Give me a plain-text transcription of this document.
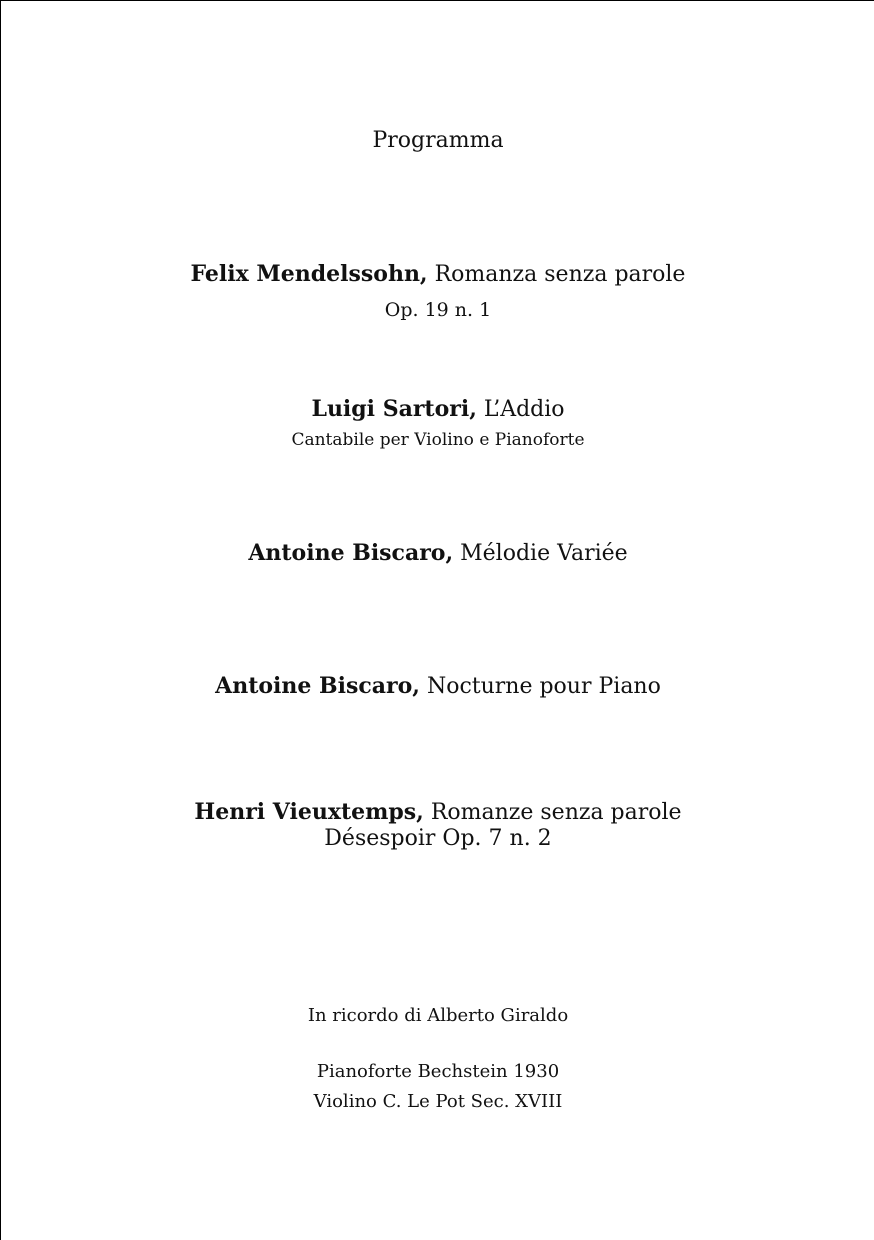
Programma
Felix Mendelssohn, Romanza senza parole
Op. 19 n. 1
Luigi Sartori, L’Addio
Cantabile per Violino e Pianoforte
Antoine Biscaro, Mélodie Variée
Antoine Biscaro, Nocturne pour Piano
Henri Vieuxtemps, Romanze senza parole
Désespoir Op. 7 n. 2
In ricordo di Alberto Giraldo
Pianoforte Bechstein 1930
Violino C. Le Pot Sec. XVIII
